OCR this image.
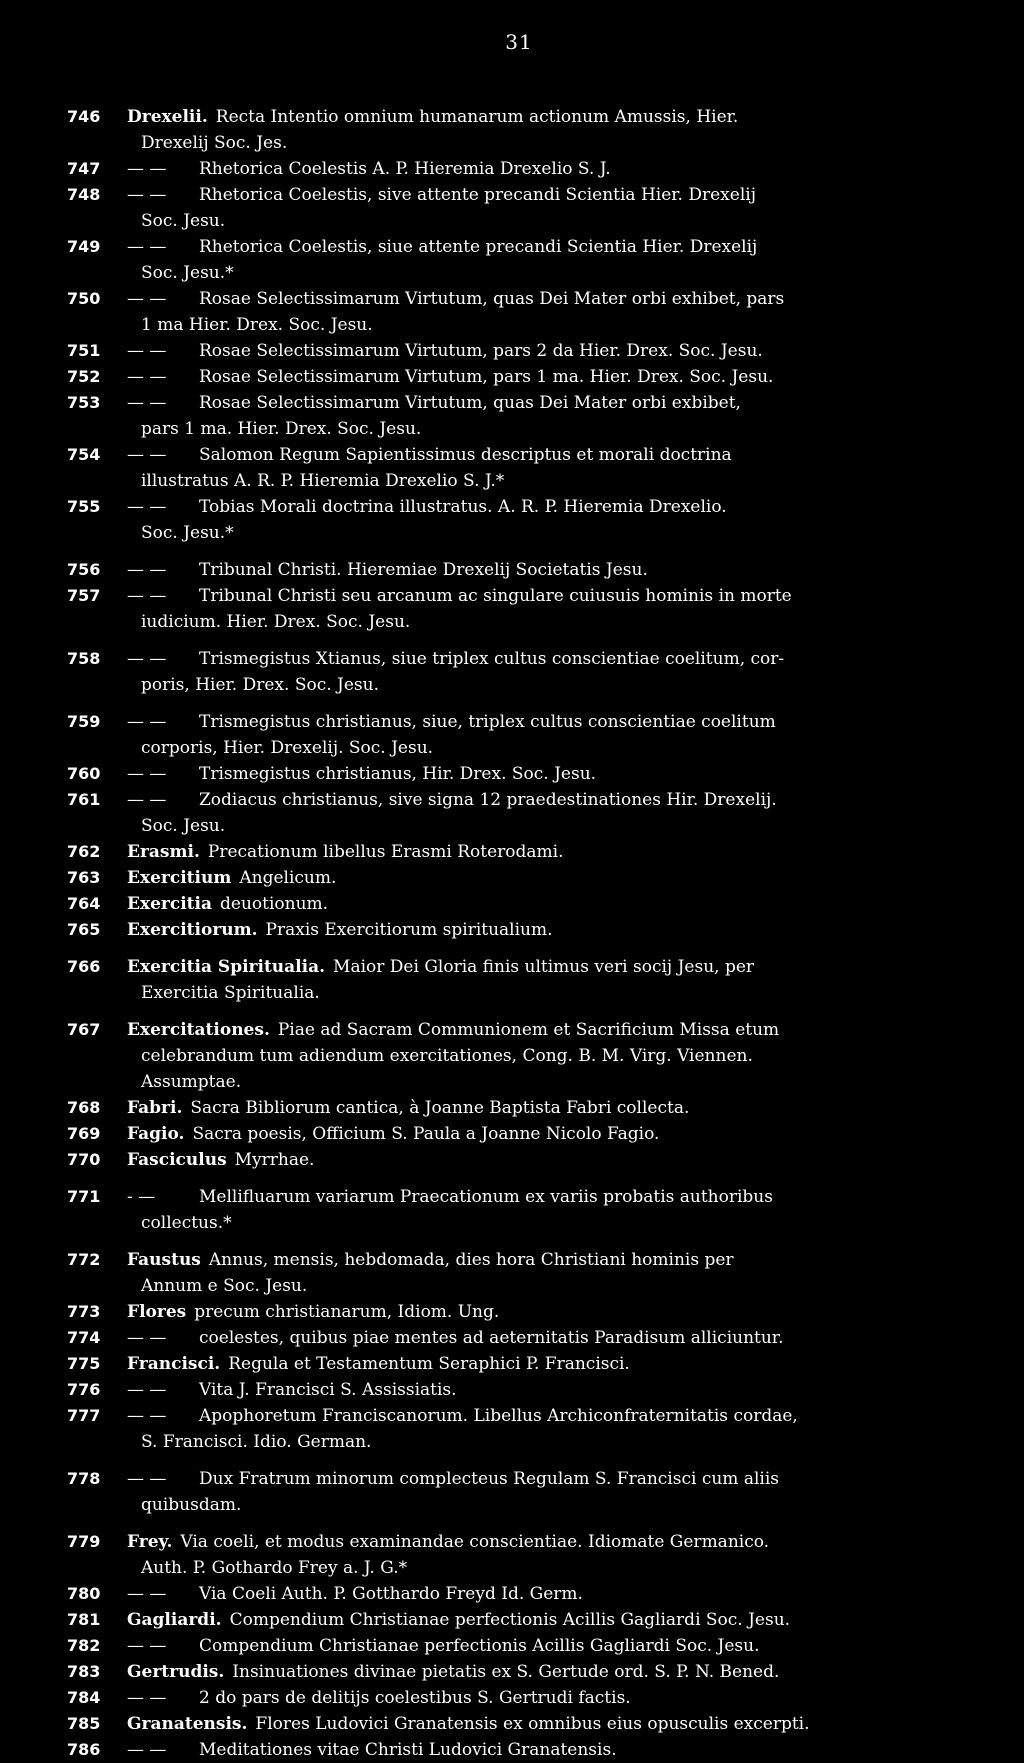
31
746	Drexelii. Recta Intentio omnium humanarum actionum Amussis, Hier.
Drexelij Soc. Jes.
747	— —	Rhetorica Coelestis A. P. Hieremia Drexelio S. J.
748	— —	Rhetorica Coelestis, sive attente precandi Scientia Hier. Drexelij
Soc. Jesu.
749	— —	Rhetorica Coelestis, siue attente precandi Scientia Hier. Drexelij
Soc. Jesu.*
750	— —	Rosae Selectissimarum Virtutum, quas Dei Mater orbi exhibet, pars
1 ma Hier. Drex. Soc. Jesu.
751	— —	Rosae Selectissimarum Virtutum, pars 2 da Hier. Drex. Soc. Jesu.
752	— —	Rosae Selectissimarum Virtutum, pars 1 ma. Hier. Drex. Soc. Jesu.
753	— —	Rosae Selectissimarum Virtutum, quas Dei Mater orbi exbibet,
pars 1 ma. Hier. Drex. Soc. Jesu.
754	— —	Salomon Regum Sapientissimus descriptus et morali doctrina
illustratus A. R. P. Hieremia Drexelio S. J.*
755	— —	Tobias Morali doctrina illustratus. A. R. P. Hieremia Drexelio.
Soc. Jesu.*
756	— —	Tribunal Christi. Hieremiae Drexelij Societatis Jesu.
757	— —	Tribunal Christi seu arcanum ac singulare cuiusuis hominis in morte
iudicium. Hier. Drex. Soc. Jesu.
758	— —	Trismegistus Xtianus, siue triplex cultus conscientiae coelitum, cor-
poris, Hier. Drex. Soc. Jesu.
759	— —	Trismegistus christianus, siue, triplex cultus conscientiae coelitum
corporis, Hier. Drexelij. Soc. Jesu.
760	— —	Trismegistus christianus, Hir. Drex. Soc. Jesu.
761	— —	Zodiacus christianus, sive signa 12 praedestinationes Hir. Drexelij.
Soc. Jesu.
762	Erasmi. Precationum libellus Erasmi Roterodami.
763	Exercitium Angelicum.
764	Exercitia deuotionum.
765	Exercitiorum. Praxis Exercitiorum spiritualium.
766	Exercitia Spiritualia. Maior Dei Gloria finis ultimus veri socij Jesu, per
Exercitia Spiritualia.
767	Exercitationes. Piae ad Sacram Communionem et Sacrificium Missa etum
celebrandum tum adiendum exercitationes, Cong. B. M. Virg. Viennen.
Assumptae.
768	Fabri. Sacra Bibliorum cantica, à Joanne Baptista Fabri collecta.
769	Fagio. Sacra poesis, Officium S. Paula a Joanne Nicolo Fagio.
770	Fasciculus Myrrhae.
771	- —	Mellifluarum variarum Praecationum ex variis probatis authoribus
collectus.*
772	Faustus Annus, mensis, hebdomada, dies hora Christiani hominis per
Annum e Soc. Jesu.
773	Flores precum christianarum, Idiom. Ung.
774	— —	coelestes, quibus piae mentes ad aeternitatis Paradisum alliciuntur.
775	Francisci. Regula et Testamentum Seraphici P. Francisci.
776	— —	Vita J. Francisci S. Assissiatis.
777	— —	Apophoretum Franciscanorum. Libellus Archiconfraternitatis cordae,
S. Francisci. Idio. German.
778	— —	Dux Fratrum minorum complecteus Regulam S. Francisci cum aliis
quibusdam.
779	Frey. Via coeli, et modus examinandae conscientiae. Idiomate Germanico.
Auth. P. Gothardo Frey a. J. G.*
780	— —	Via Coeli Auth. P. Gotthardo Freyd Id. Germ.
781	Gagliardi. Compendium Christianae perfectionis Acillis Gagliardi Soc. Jesu.
782	— —	Compendium Christianae perfectionis Acillis Gagliardi Soc. Jesu.
783	Gertrudis. Insinuationes divinae pietatis ex S. Gertude ord. S. P. N. Bened.
784	— —	2 do pars de delitijs coelestibus S. Gertrudi factis.
785	Granatensis. Flores Ludovici Granatensis ex omnibus eius opusculis excerpti.
786	— —	Meditationes vitae Christi Ludovici Granatensis.
